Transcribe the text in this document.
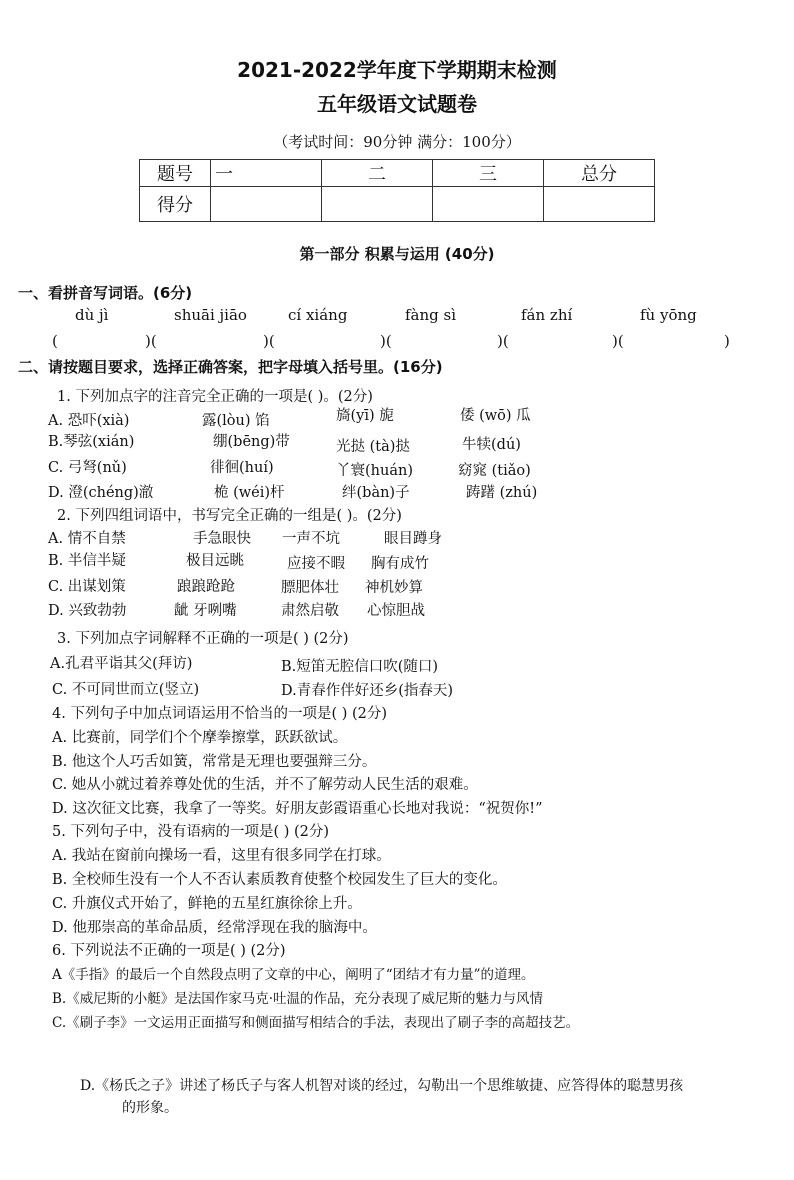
2021-2022学年度下学期期末检测
五年级语文试题卷
（考试时间：90分钟 满分：100分）
题号	一	二	三	总分
得分				
第一部分 积累与运用 (40分)
一、看拼音写词语。(6分)
dù jì	shuāi jiāo	cí xiáng	fàng sì	fán zhí	fù yōng
(	)(	)(	)(	)(	)(	)
二、请按题目要求，选择正确答案，把字母填入括号里。(16分)
1. 下列加点字的注音完全正确的一项是( )。(2分)
A. 恐吓(xià)	露(lòu) 馅	旖(yī) 旎	倭 (wō) 瓜
B.琴弦(xián)	绷(bēng)带	光挞 (tà)挞	牛犊(dú)
C. 弓弩(nǔ)	徘徊(huí)	丫寰(huán)	窈窕 (tiǎo)
D. 澄(chéng)澈	桅 (wéi)杆	绊(bàn)子	踌躇 (zhú)
2. 下列四组词语中，书写完全正确的一组是( )。(2分)
A. 情不自禁	手急眼快 一声不坑	眼目蹲身
B. 半信半疑	极目远眺	应接不暇 胸有成竹
C. 出谋划策	踉踉跄跄	膘肥体壮 神机妙算
D. 兴致勃勃	龇 牙咧嘴	肃然启敬 心惊胆战
3. 下列加点字词解释不正确的一项是( ) (2分)
A.孔君平诣其父(拜访)	B.短笛无腔信口吹(随口)
C. 不可同世而立(竖立)	D.青春作伴好还乡(指春天)
4. 下列句子中加点词语运用不恰当的一项是( ) (2分)
A. 比赛前，同学们个个摩拳擦掌，跃跃欲试。
B. 他这个人巧舌如簧，常常是无理也要强辩三分。
C. 她从小就过着养尊处优的生活，并不了解劳动人民生活的艰难。
D. 这次征文比赛，我拿了一等奖。好朋友彭霞语重心长地对我说：“祝贺你!”
5. 下列句子中，没有语病的一项是( ) (2分)
A. 我站在窗前向操场一看，这里有很多同学在打球。
B. 全校师生没有一个人不否认素质教育使整个校园发生了巨大的变化。
C. 升旗仪式开始了，鲜艳的五星红旗徐徐上升。
D. 他那崇高的革命品质，经常浮现在我的脑海中。
6. 下列说法不正确的一项是( ) (2分)
A《手指》的最后一个自然段点明了文章的中心，阐明了“团结才有力量”的道理。
B.《威尼斯的小艇》是法国作家马克·吐温的作品，充分表现了威尼斯的魅力与风情
C.《刷子李》一文运用正面描写和侧面描写相结合的手法，表现出了刷子李的高超技艺。
D.《杨氏之子》讲述了杨氏子与客人机智对谈的经过，勾勒出一个思维敏捷、应答得体的聪慧男孩
的形象。
